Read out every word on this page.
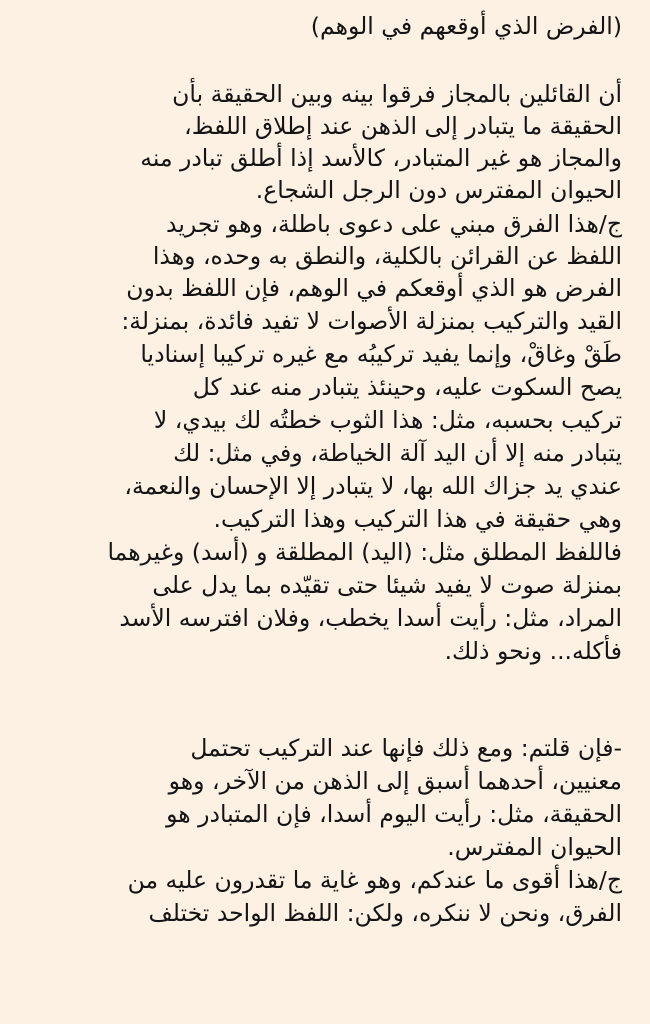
(الفرض الذي أوقعهم في الوهم)

أن القائلين بالمجاز فرقوا بينه وبين الحقيقة بأن

الحقيقة ما يتبادر إلى الذهن عند إطلاق اللفظ،

والمجاز هو غير المتبادر، كالأسد إذا أطلق تبادر منه

الحيوان المفترس دون الرجل الشجاع.

ج/هذا الفرق مبني على دعوى باطلة، وهو تجريد

اللفظ عن القرائن بالكلية، والنطق به وحده، وهذا

الفرض هو الذي أوقعكم في الوهم، فإن اللفظ بدون

القيد والتركيب بمنزلة الأصوات لا تفيد فائدة، بمنزلة:

طَقْ وغاقْ، وإنما يفيد تركيبُه مع غيره تركيبا إسناديا

يصح السكوت عليه، وحينئذ يتبادر منه عند كل

تركيب بحسبه، مثل: هذا الثوب خطتُه لك بيدي، لا

يتبادر منه إلا أن اليد آلة الخياطة، وفي مثل: لك

عندي يد جزاك الله بها، لا يتبادر إلا الإحسان والنعمة،

وهي حقيقة في هذا التركيب وهذا التركيب.

فاللفظ المطلق مثل: (اليد) المطلقة و (أسد) وغيرهما

بمنزلة صوت لا يفيد شيئا حتى تقيّده بما يدل على

المراد، مثل: رأيت أسدا يخطب، وفلان افترسه الأسد

فأكله... ونحو ذلك.

-فإن قلتم: ومع ذلك فإنها عند التركيب تحتمل

معنيين، أحدهما أسبق إلى الذهن من الآخر، وهو

الحقيقة، مثل: رأيت اليوم أسدا، فإن المتبادر هو

الحيوان المفترس.

ج/هذا أقوى ما عندكم، وهو غاية ما تقدرون عليه من

الفرق، ونحن لا ننكره، ولكن: اللفظ الواحد تختلف
